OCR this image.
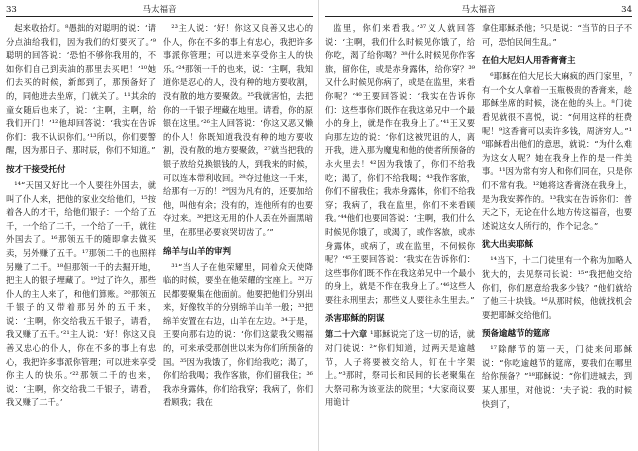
33	马太福音

起来收拾灯。⁸愚拙的对聪明的说：‘请分点油给我们，因为我们的灯要灭了。’⁹聪明的回答说：‘恐怕不够你我用的，不如你们自己到卖油的那里去买吧！’¹⁰她们去买的时候，新郎到了，那预备好了的，同他进去坐席，门就关了。¹¹其余的童女随后也来了，说：‘主啊，主啊，给我们开门！’¹²他却回答说：‘我实在告诉你们：我不认识你们。’¹³所以，你们要警醒，因为那日子、那时辰，你们不知道。”

按才干接受托付

¹⁴“天国又好比一个人要往外国去，就叫了仆人来，把他的家业交给他们，¹⁵按着各人的才干，给他们银子：一个给了五千，一个给了二千，一个给了一千，就往外国去了。¹⁶那领五千的随即拿去做买卖，另外赚了五千。¹⁷那领二千的也照样另赚了二千。¹⁸但那领一千的去掘开地，把主人的银子埋藏了。¹⁹过了许久，那些仆人的主人来了，和他们算账。²⁰那领五千银子的又带着那另外的五千来，说：‘主啊，你交给我五千银子，请看，我又赚了五千。’²¹主人说：‘好！你这又良善又忠心的仆人，你在不多的事上有忠心，我把许多事派你管理；可以进来享受你主人的快乐。’²²那领二千的也来，说：‘主啊，你交给我二千银子，请看，我又赚了二千。’

²³主人说：‘好！你这又良善又忠心的仆人，你在不多的事上有忠心，我把许多事派你管理；可以进来享受你主人的快乐。’²⁴那领一千的也来，说：‘主啊，我知道你是忍心的人，没有种的地方要收割，没有散的地方要聚敛。²⁵我就害怕，去把你的一千银子埋藏在地里。请看，你的原银在这里。’²⁶主人回答说：‘你这又恶又懒的仆人！你既知道我没有种的地方要收割，没有散的地方要聚敛，²⁷就当把我的银子放给兑换银钱的人，到我来的时候，可以连本带利收回。²⁸夺过他这一千来，给那有一万的！²⁹因为凡有的，还要加给他，叫他有余；没有的，连他所有的也要夺过来。³⁰把这无用的仆人丢在外面黑暗里，在那里必要哀哭切齿了。’”

绵羊与山羊的审判

³¹“当人子在他荣耀里，同着众天使降临的时候，要坐在他荣耀的宝座上。³²万民都要聚集在他面前。他要把他们分别出来，好像牧羊的分别绵羊山羊一般；³³把绵羊安置在右边，山羊在左边。³⁴于是，王要向那右边的说：‘你们这蒙我父赐福的，可来承受那创世以来为你们所预备的国。³⁵因为我饿了，你们给我吃；渴了，你们给我喝；我作客旅，你们留我住；³⁶我赤身露体，你们给我穿；我病了，你们看顾我；我在

马太福音	34

监里，你们来看我。’³⁷义人就回答说：‘主啊，我们什么时候见你饿了，给你吃，渴了给你喝？³⁸什么时候见你作客旅，留你住，或是赤身露体，给你穿？³⁹又什么时候见你病了，或是在监里，来看你呢？’⁴⁰王要回答说：‘我实在告诉你们：这些事你们既作在我这弟兄中一个最小的身上，就是作在我身上了。’⁴¹王又要向那左边的说：‘你们这被咒诅的人，离开我，进入那为魔鬼和他的使者所预备的永火里去！⁴²因为我饿了，你们不给我吃；渴了，你们不给我喝；⁴³我作客旅，你们不留我住；我赤身露体，你们不给我穿；我病了，我在监里，你们不来看顾我。’⁴⁴他们也要回答说：‘主啊，我们什么时候见你饿了，或渴了，或作客旅，或赤身露体，或病了，或在监里，不伺候你呢？’⁴⁵王要回答说：‘我实在告诉你们：这些事你们既不作在我这弟兄中一个最小的身上，就是不作在我身上了。’⁴⁶这些人要往永刑里去；那些义人要往永生里去。”

杀害耶稣的阴谋

第二十六章 ¹耶稣说完了这一切的话，就对门徒说：²“你们知道，过两天是逾越节，人子将要被交给人，钉在十字架上。”³那时，祭司长和民间的长老聚集在大祭司称为该亚法的院里；⁴大家商议要用诡计

拿住耶稣杀他；⁵只是说：“当节的日子不可，恐怕民间生乱。”

在伯大尼妇人用香膏膏主

⁶耶稣在伯大尼长大麻疯的西门家里，⁷有一个女人拿着一玉瓶极贵的香膏来，趁耶稣坐席的时候，浇在他的头上。⁸门徒看见就很不喜悦，说：“何用这样的枉费呢！⁹这香膏可以卖许多钱，周济穷人。”¹⁰耶稣看出他们的意思，就说：“为什么难为这女人呢？她在我身上作的是一件美事。¹¹因为常有穷人和你们同在，只是你们不常有我。¹²她将这香膏浇在我身上，是为我安葬作的。¹³我实在告诉你们：普天之下，无论在什么地方传这福音，也要述说这女人所行的，作个记念。”

犹大出卖耶稣

¹⁴当下，十二门徒里有一个称为加略人犹大的，去见祭司长说：¹⁵“我把他交给你们，你们愿意给我多少钱？”他们就给了他三十块钱。¹⁶从那时候，他就找机会要把耶稣交给他们。

预备逾越节的筵席

¹⁷除酵节的第一天，门徒来问耶稣说：“你吃逾越节的筵席，要我们在哪里给你预备？”¹⁸耶稣说：“你们进城去，到某人那里，对他说：‘夫子说：我的时候快到了，
